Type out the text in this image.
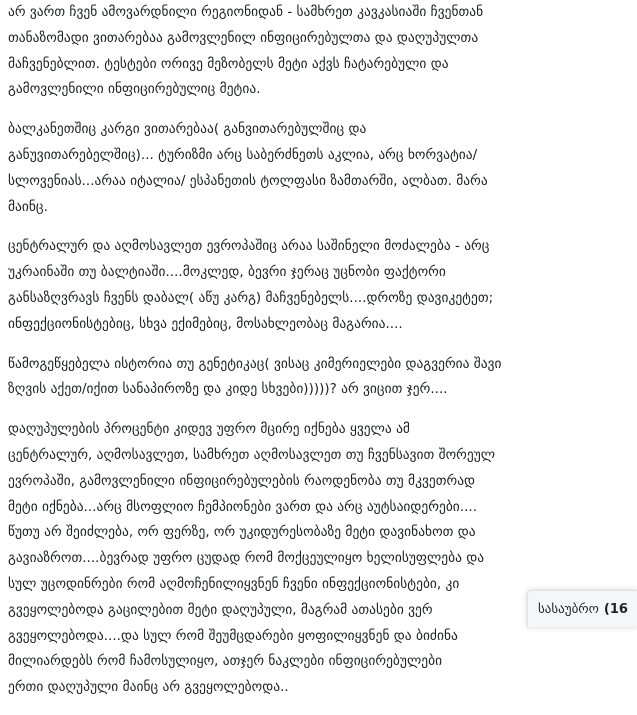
არ ვართ ჩვენ ამოვარდნილი რეგიონიდან - სამხრეთ კავკასიაში ჩვენთან
თანაზომადი ვითარებაა გამოვლენილ ინფიცირებულთა და დაღუპულთა
მაჩვენებლით. ტესტები ორივე მეზობელს მეტი აქვს ჩატარებული და
გამოვლენილი ინფიცირებულიც მეტია.

ბალკანეთშიც კარგი ვითარებაა( განვითარებულშიც და
განუვითარებელშიც)... ტურიზმი არც საბერძნეთს აკლია, არც ხორვატია/
სლოვენიას...არაა იტალია/ ესპანეთის ტოლფასი ზამთარში, ალბათ. მარა
მაინც.

ცენტრალურ და აღმოსავლეთ ევროპაშიც არაა საშინელი მოძალება - არც
უკრაინაში თუ ბალტიაში....მოკლედ, ბევრი ჯერაც უცნობი ფაქტორი
განსაზღვრავს ჩვენს დაბალ( აწუ კარგ) მაჩვენებელს....დროზე დავიკეტეთ;
ინფექციონისტებიც, სხვა ექიმებიც, მოსახლეობაც მაგარია....

წამოგეწყებელა ისტორია თუ გენეტიკაც( ვისაც კიმერიელები დაგვერია შავი
ზღვის აქეთ/იქით სანაპიროზე და კიდე სხვები)))))? არ ვიცით ჯერ....

დაღუპულების პროცენტი კიდევ უფრო მცირე იქნება ყველა ამ
ცენტრალურ, აღმოსავლეთ, სამხრეთ აღმოსავლეთ თუ ჩვენსავით შორეულ
ევროპაში, გამოვლენილი ინფიცირებულების რაოდენობა თუ მკვეთრად
მეტი იქნება...არც მსოფლიო ჩემპიონები ვართ და არც აუტსაიდერები....
წუთუ არ შეიძლება, ორ ფერზე, ორ უკიდურესობაზე მეტი დავინახოთ და
გავიაზროთ....ბევრად უფრო ცუდად რომ მოქცეულიყო ხელისუფლება და
სულ უცოდინრები რომ აღმოჩენილიყვნენ ჩვენი ინფექციონისტები, კი
გვეყოლებოდა გაცილებით მეტი დაღუპული, მაგრამ ათასები ვერ
გვეყოლებოდა....და სულ რომ შეუმცდარები ყოფილიყვნენ და ბიძინა
მილიარდებს რომ ჩამოსულიყო, ათჯერ ნაკლები ინფიცირებულები
ერთი დაღუპული მაინც არ გვეყოლებოდა..

სასაუბრო (16
